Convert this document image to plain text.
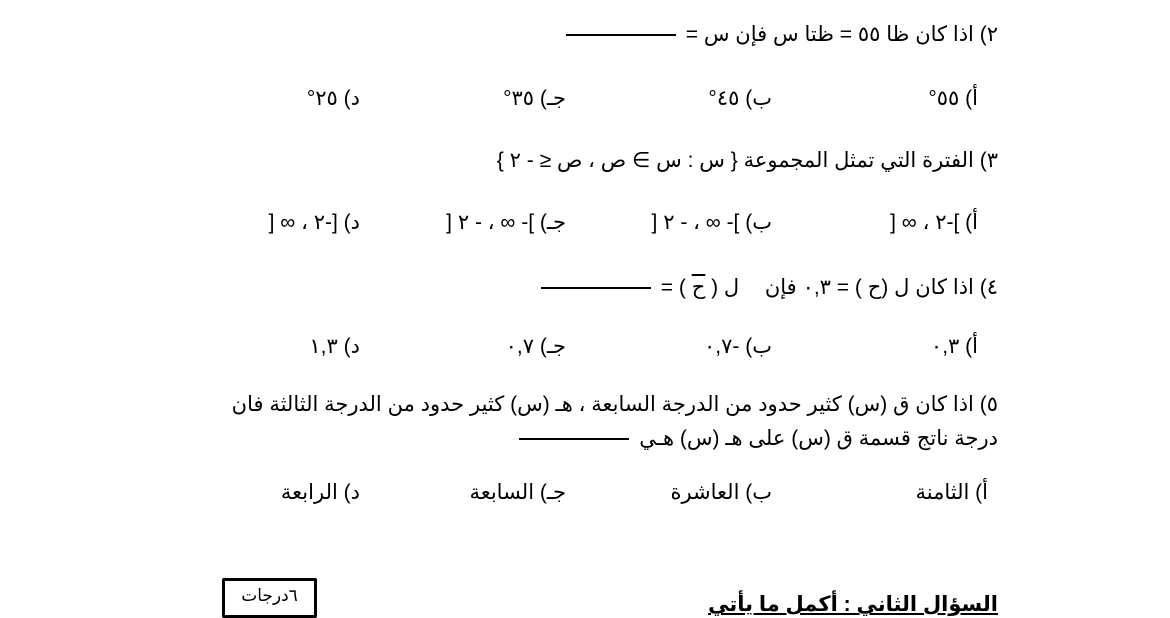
٢) اذا كان ظا ٥٥ = ظتا س فإن س =
أ) ٥٥°
ب) ٤٥°
جـ) ٣٥°
د) ٢٥°
٣) الفترة التي تمثل المجموعة { س : س ∋ ص ، ص ≤ - ٢ }
أ) ]-٢ ، ∞ [
ب) ]- ∞ ، - ٢ [
جـ) ]- ∞ ، - ٢ [
د) [-٢ ، ∞ [
٤) اذا كان ل (ح ) = ٠,٣ فإن  ل ( ح ) =
أ) ٠,٣
ب) -٠,٧
جـ) ٠,٧
د) ١,٣
٥) اذا كان ق (س) كثير حدود من الدرجة السابعة ، هـ (س) كثير حدود من الدرجة الثالثة فان
درجة ناتج قسمة ق (س) على هـ (س) هـي
أ) الثامنة
ب) العاشرة
جـ) السابعة
د) الرابعة
٦درجات	السؤال الثاني : أكمل ما يأتي
